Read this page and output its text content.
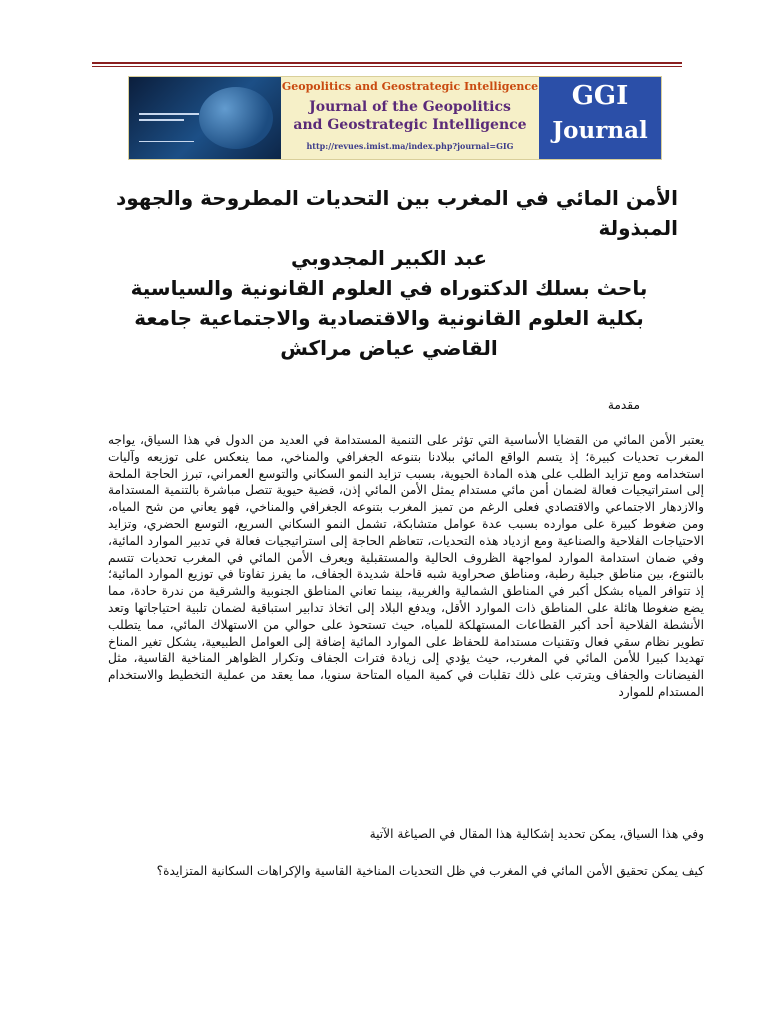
Geopolitics and Geostrategic Intelligence
Journal of the Geopolitics
and Geostrategic Intelligence
http://revues.imist.ma/index.php?journal=GIG
GGI
Journal
الأمن المائي في المغرب بين التحديات المطروحة والجهود المبذولة
عبد الكبير المجدوبي
باحث بسلك الدكتوراه في العلوم القانونية والسياسية
بكلية العلوم القانونية والاقتصادية والاجتماعية جامعة القاضي عياض مراكش
مقدمة
يعتبر الأمن المائي من القضايا الأساسية التي تؤثر على التنمية المستدامة في العديد من الدول في هذا السياق، يواجه المغرب تحديات كبيرة؛ إذ يتسم الواقع المائي ببلادنا بتنوعه الجغرافي والمناخي، مما ينعكس على توزيعه وآليات استخدامه ومع تزايد الطلب على هذه المادة الحيوية، بسبب تزايد النمو السكاني والتوسع العمراني، تبرز الحاجة الملحة إلى استراتيجيات فعالة لضمان أمن مائي مستدام يمثل الأمن المائي إذن، قضية حيوية تتصل مباشرة بالتنمية المستدامة والازدهار الاجتماعي والاقتصادي فعلى الرغم من تميز المغرب بتنوعه الجغرافي والمناخي، فهو يعاني من شح المياه، ومن ضغوط كبيرة على موارده بسبب عدة عوامل متشابكة، تشمل النمو السكاني السريع، التوسع الحضري، وتزايد الاحتياجات الفلاحية والصناعية ومع ازدياد هذه التحديات، تتعاظم الحاجة إلى استراتيجيات فعالة في تدبير الموارد المائية، وفي ضمان استدامة الموارد لمواجهة الظروف الحالية والمستقبلية ويعرف الأمن المائي في المغرب تحديات تتسم بالتنوع، بين مناطق جبلية رطبة، ومناطق صحراوية شبه قاحلة شديدة الجفاف، ما يفرز تفاوتا في توزيع الموارد المائية؛ إذ تتوافر المياه بشكل أكبر في المناطق الشمالية والغربية، بينما تعاني المناطق الجنوبية والشرقية من ندرة حادة، مما يضع ضغوطا هائلة على المناطق ذات الموارد الأقل، ويدفع البلاد إلى اتخاذ تدابير استباقية لضمان تلبية احتياجاتها وتعد الأنشطة الفلاحية أحد أكبر القطاعات المستهلكة للمياه، حيث تستحوذ على حوالي من الاستهلاك المائي، مما يتطلب تطوير نظام سقي فعال وتقنيات مستدامة للحفاظ على الموارد المائية إضافة إلى العوامل الطبيعية، يشكل تغير المناخ تهديدا كبيرا للأمن المائي في المغرب، حيث يؤدي إلى زيادة فترات الجفاف وتكرار الظواهر المناخية القاسية، مثل الفيضانات والجفاف ويترتب على ذلك تقلبات في كمية المياه المتاحة سنويا، مما يعقد من عملية التخطيط والاستخدام المستدام للموارد
وفي هذا السياق، يمكن تحديد إشكالية هذا المقال في الصياغة الآتية
كيف يمكن تحقيق الأمن المائي في المغرب في ظل التحديات المناخية القاسية والإكراهات السكانية المتزايدة؟
